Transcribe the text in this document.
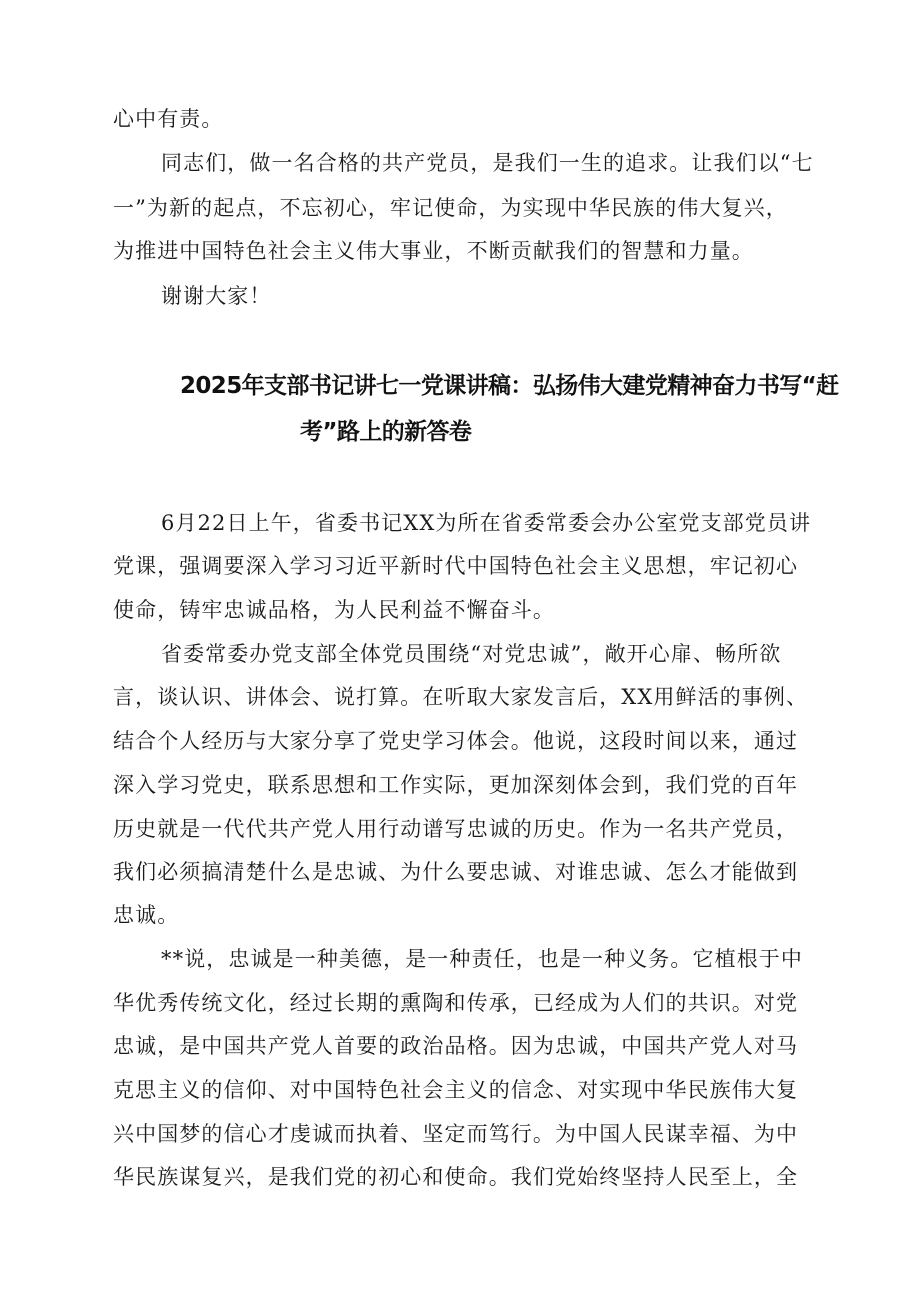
心中有责。

同志们，做一名合格的共产党员，是我们一生的追求。让我们以“七

一”为新的起点，不忘初心，牢记使命，为实现中华民族的伟大复兴，

为推进中国特色社会主义伟大事业，不断贡献我们的智慧和力量。

谢谢大家！

2025年支部书记讲七一党课讲稿：弘扬伟大建党精神奋力书写“赶
考”路上的新答卷

6月22日上午，省委书记XX为所在省委常委会办公室党支部党员讲

党课，强调要深入学习习近平新时代中国特色社会主义思想，牢记初心

使命，铸牢忠诚品格，为人民利益不懈奋斗。

省委常委办党支部全体党员围绕“对党忠诚”，敞开心扉、畅所欲

言，谈认识、讲体会、说打算。在听取大家发言后，XX用鲜活的事例、

结合个人经历与大家分享了党史学习体会。他说，这段时间以来，通过

深入学习党史，联系思想和工作实际，更加深刻体会到，我们党的百年

历史就是一代代共产党人用行动谱写忠诚的历史。作为一名共产党员，

我们必须搞清楚什么是忠诚、为什么要忠诚、对谁忠诚、怎么才能做到

忠诚。

**说，忠诚是一种美德，是一种责任，也是一种义务。它植根于中

华优秀传统文化，经过长期的熏陶和传承，已经成为人们的共识。对党

忠诚，是中国共产党人首要的政治品格。因为忠诚，中国共产党人对马

克思主义的信仰、对中国特色社会主义的信念、对实现中华民族伟大复

兴中国梦的信心才虔诚而执着、坚定而笃行。为中国人民谋幸福、为中

华民族谋复兴，是我们党的初心和使命。我们党始终坚持人民至上，全
